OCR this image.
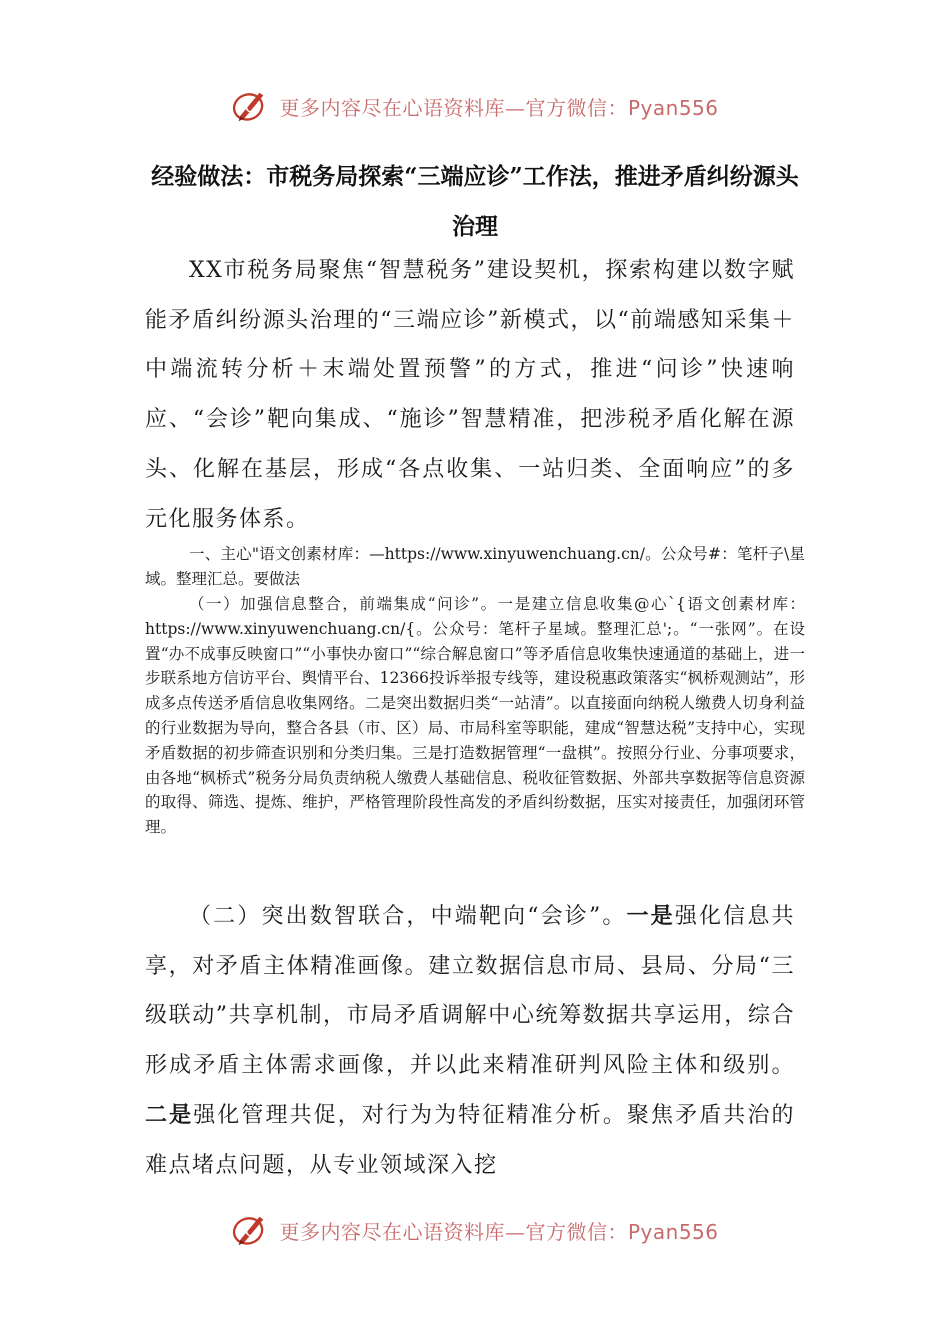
更多内容尽在心语资料库—官方微信：Pyan556
经验做法：市税务局探索“三端应诊”工作法，推进矛盾纠纷源头治理

XX市税务局聚焦“智慧税务”建设契机，探索构建以数字赋能矛盾纠纷源头治理的“三端应诊”新模式，以“前端感知采集＋中端流转分析＋末端处置预警”的方式，推进“问诊”快速响应、“会诊”靶向集成、“施诊”智慧精准，把涉税矛盾化解在源头、化解在基层，形成“各点收集、一站归类、全面响应”的多元化服务体系。

一、主心"语文创素材库：—https://www.xinyuwenchuang.cn/。公众号#：笔杆子\星域。整理汇总。要做法

（一）加强信息整合，前端集成“问诊”。一是建立信息收集@心`{语文创素材库：https://www.xinyuwenchuang.cn/{。公众号：笔杆子星域。整理汇总';。“一张网”。在设置“办不成事反映窗口”“小事快办窗口”“综合解息窗口”等矛盾信息收集快速通道的基础上，进一步联系地方信访平台、舆情平台、12366投诉举报专线等，建设税惠政策落实“枫桥观测站”，形成多点传送矛盾信息收集网络。二是突出数据归类“一站清”。以直接面向纳税人缴费人切身利益的行业数据为导向，整合各县（市、区）局、市局科室等职能，建成“智慧达税”支持中心，实现矛盾数据的初步筛查识别和分类归集。三是打造数据管理“一盘棋”。按照分行业、分事项要求，由各地“枫桥式”税务分局负责纳税人缴费人基础信息、税收征管数据、外部共享数据等信息资源的取得、筛选、提炼、维护，严格管理阶段性高发的矛盾纠纷数据，压实对接责任，加强闭环管理。

（二）突出数智联合，中端靶向“会诊”。一是强化信息共享，对矛盾主体精准画像。建立数据信息市局、县局、分局“三级联动”共享机制，市局矛盾调解中心统筹数据共享运用，综合形成矛盾主体需求画像，并以此来精准研判风险主体和级别。二是强化管理共促，对行为为特征精准分析。聚焦矛盾共治的难点堵点问题，从专业领域深入挖

更多内容尽在心语资料库—官方微信：Pyan556
